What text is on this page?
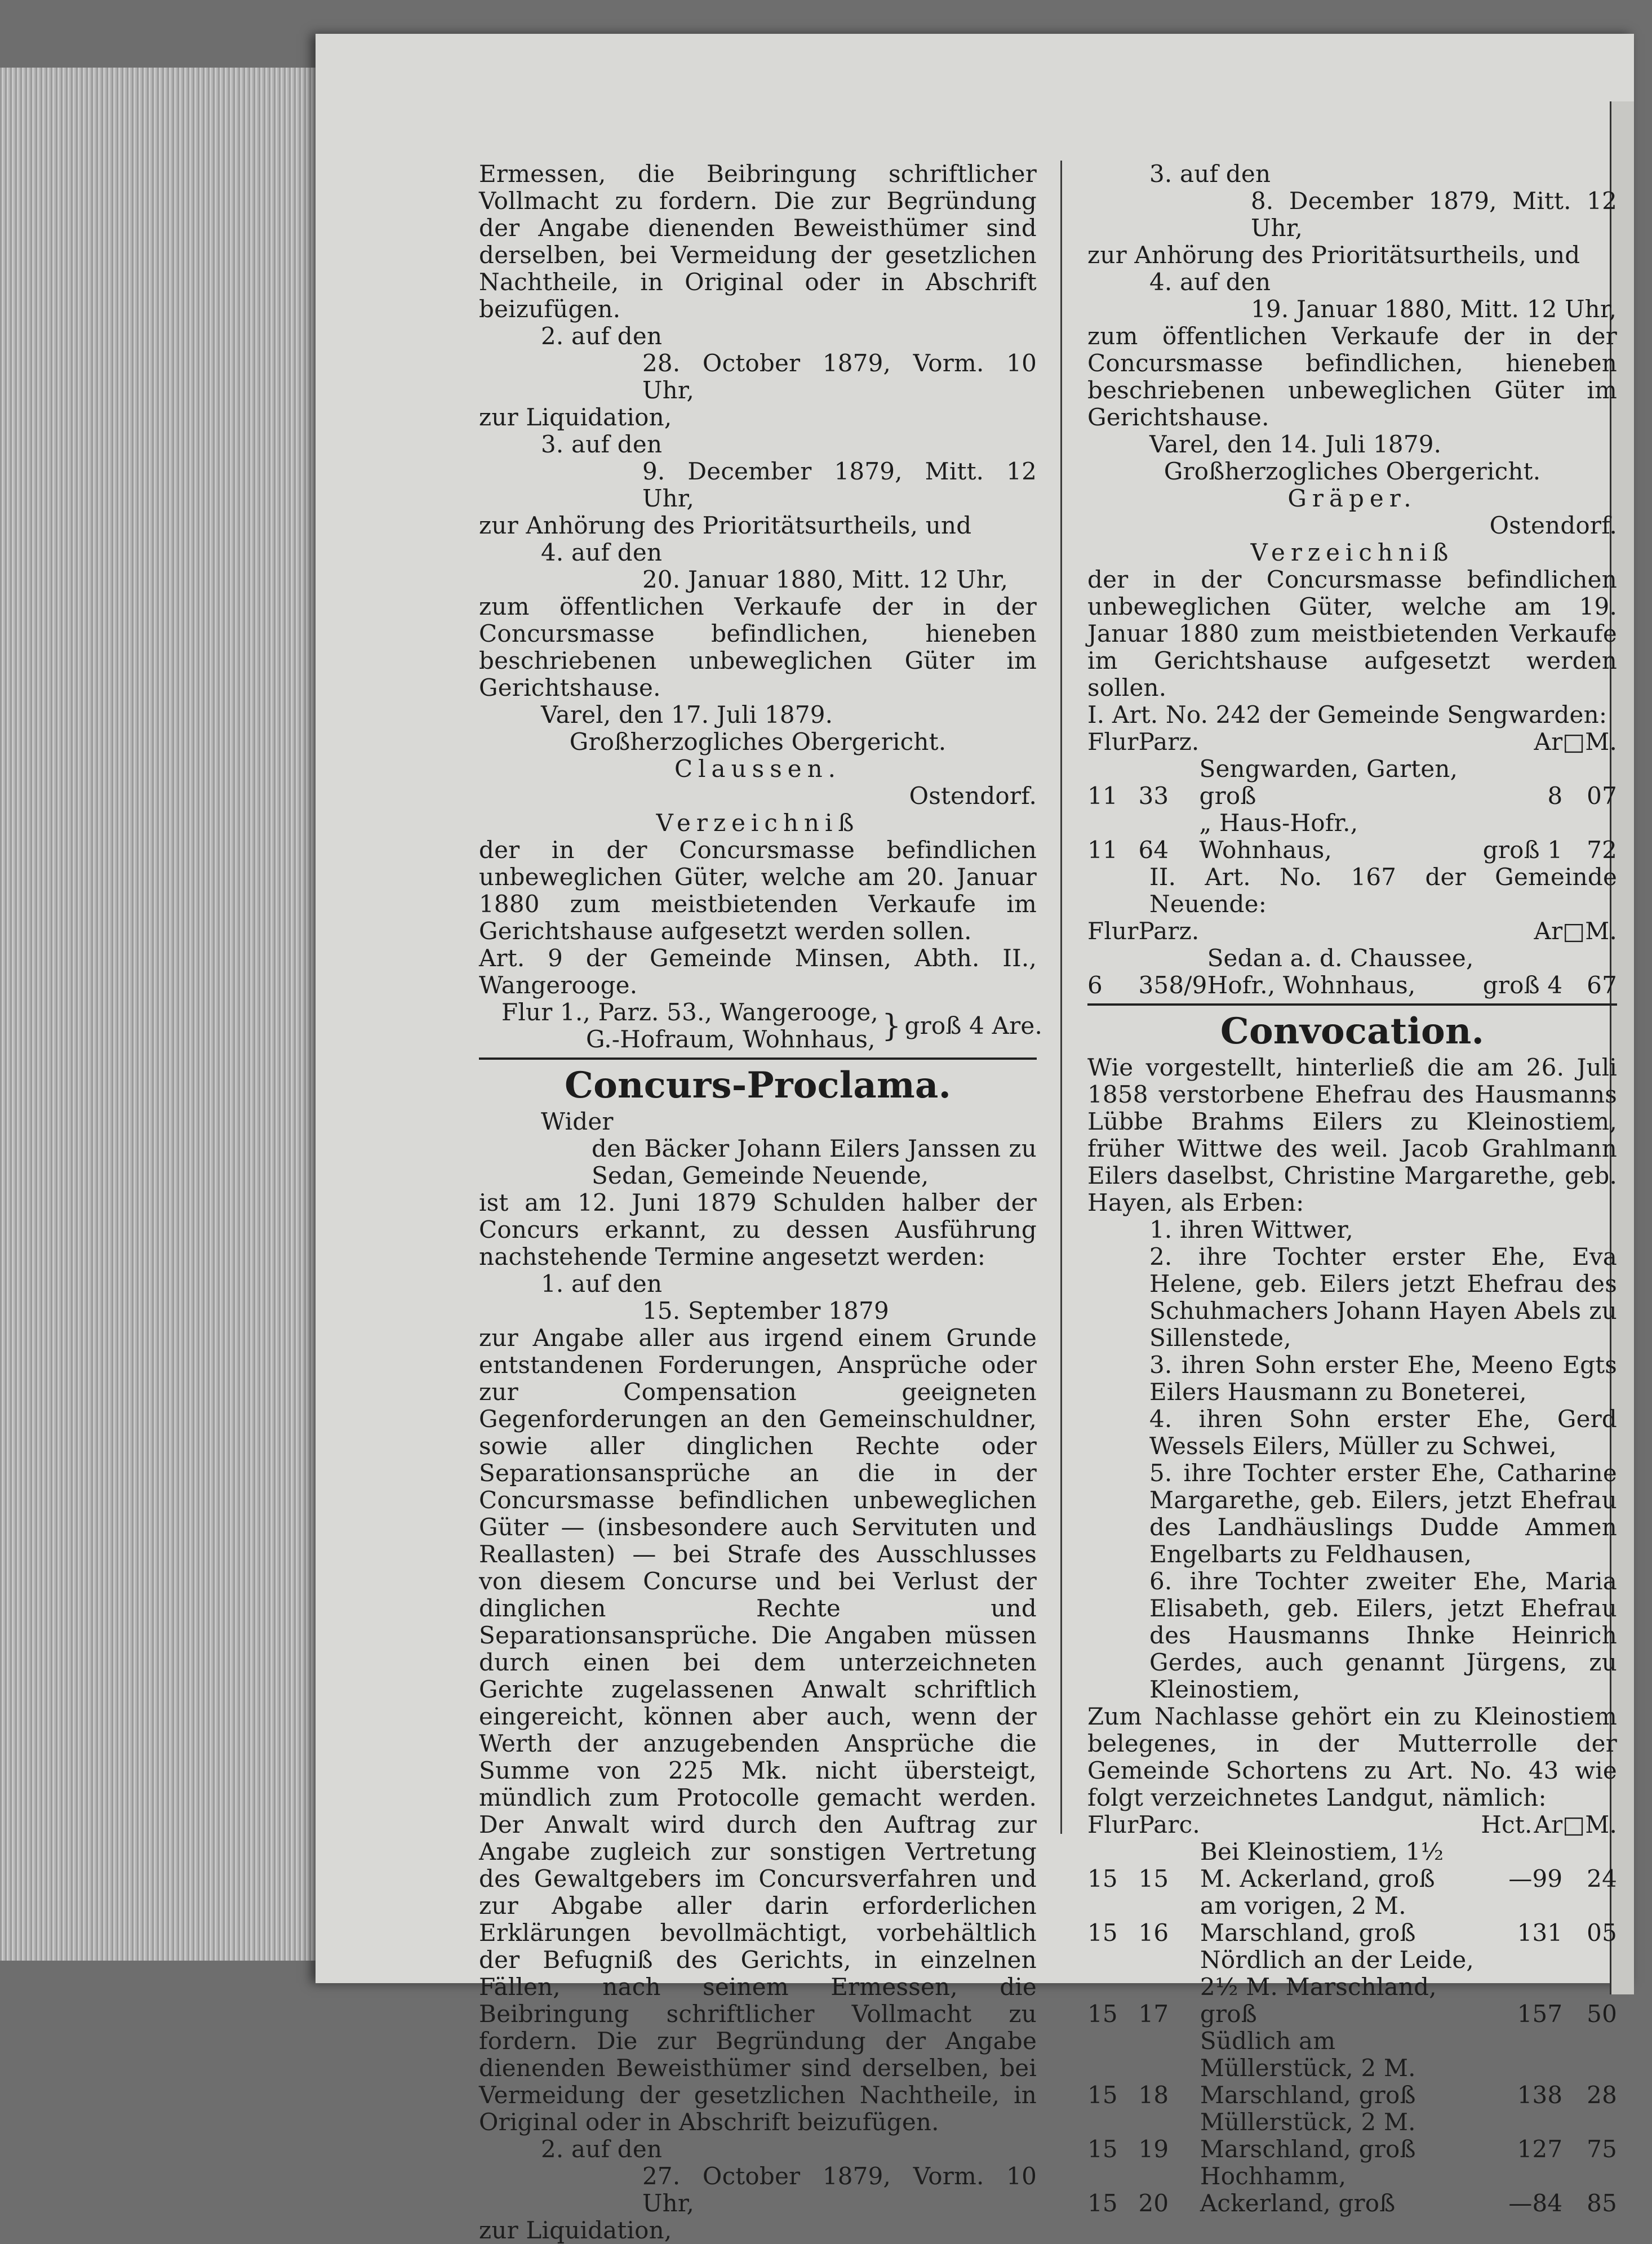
Ermessen, die Beibringung schriftlicher Vollmacht zu fordern. Die zur Begründung der Angabe dienenden Beweisthümer sind derselben, bei Vermeidung der gesetzlichen Nachtheile, in Original oder in Abschrift beizufügen.

2. auf den

28. October 1879, Vorm. 10 Uhr,

zur Liquidation,

3. auf den

9. December 1879, Mitt. 12 Uhr,

zur Anhörung des Prioritätsurtheils, und

4. auf den

20. Januar 1880, Mitt. 12 Uhr,

zum öffentlichen Verkaufe der in der Concursmasse befindlichen, hieneben beschriebenen unbeweglichen Güter im Gerichtshause.

Varel, den 17. Juli 1879.

Großherzogliches Obergericht.

Claussen.

Ostendorf.

Verzeichniß

der in der Concursmasse befindlichen unbeweglichen Güter, welche am 20. Januar 1880 zum meistbietenden Verkaufe im Gerichtshause aufgesetzt werden sollen.

Art. 9 der Gemeinde Minsen, Abth. II., Wangerooge.

Flur 1., Parz. 53., Wangerooge,
G.-Hofraum, Wohnhaus, } groß 4 Are.
Concurs-Proclama.

Wider

den Bäcker Johann Eilers Janssen zu Sedan, Gemeinde Neuende,

ist am 12. Juni 1879 Schulden halber der Concurs erkannt, zu dessen Ausführung nachstehende Termine angesetzt werden:

1. auf den

15. September 1879

zur Angabe aller aus irgend einem Grunde entstandenen Forderungen, Ansprüche oder zur Compensation geeigneten Gegenforderungen an den Gemeinschuldner, sowie aller dinglichen Rechte oder Separationsansprüche an die in der Concursmasse befindlichen unbeweglichen Güter — (insbesondere auch Servituten und Reallasten) — bei Strafe des Ausschlusses von diesem Concurse und bei Verlust der dinglichen Rechte und Separationsansprüche. Die Angaben müssen durch einen bei dem unterzeichneten Gerichte zugelassenen Anwalt schriftlich eingereicht, können aber auch, wenn der Werth der anzugebenden Ansprüche die Summe von 225 Mk. nicht übersteigt, mündlich zum Protocolle gemacht werden. Der Anwalt wird durch den Auftrag zur Angabe zugleich zur sonstigen Vertretung des Gewaltgebers im Concursverfahren und zur Abgabe aller darin erforderlichen Erklärungen bevollmächtigt, vorbehältlich der Befugniß des Gerichts, in einzelnen Fällen, nach seinem Ermessen, die Beibringung schriftlicher Vollmacht zu fordern. Die zur Begründung der Angabe dienenden Beweisthümer sind derselben, bei Vermeidung der gesetzlichen Nachtheile, in Original oder in Abschrift beizufügen.

2. auf den

27. October 1879, Vorm. 10 Uhr,

zur Liquidation,

3. auf den

8. December 1879, Mitt. 12 Uhr,

zur Anhörung des Prioritätsurtheils, und

4. auf den

19. Januar 1880, Mitt. 12 Uhr,

zum öffentlichen Verkaufe der in der Concursmasse befindlichen, hieneben beschriebenen unbeweglichen Güter im Gerichtshause.

Varel, den 14. Juli 1879.

Großherzogliches Obergericht.

Gräper.

Ostendorf.

Verzeichniß

der in der Concursmasse befindlichen unbeweglichen Güter, welche am 19. Januar 1880 zum meistbietenden Verkaufe im Gerichtshause aufgesetzt werden sollen.

I. Art. No. 242 der Gemeinde Sengwarden:

Flur	Parz.		Ar	□M.
11	33	Sengwarden, Garten, groß	8	07
11	64	„ Haus-Hofr., Wohnhaus,	groß 1	72

II. Art. No. 167 der Gemeinde Neuende:

Flur	Parz.		Ar	□M.
6	358/9	Sedan a. d. Chaussee, Hofr., Wohnhaus,	groß 4	67
Convocation.

Wie vorgestellt, hinterließ die am 26. Juli 1858 verstorbene Ehefrau des Hausmanns Lübbe Brahms Eilers zu Kleinostiem, früher Wittwe des weil. Jacob Grahlmann Eilers daselbst, Christine Margarethe, geb. Hayen, als Erben:

1. ihren Wittwer,

2. ihre Tochter erster Ehe, Eva Helene, geb. Eilers jetzt Ehefrau des Schuhmachers Johann Hayen Abels zu Sillenstede,

3. ihren Sohn erster Ehe, Meeno Egts Eilers Hausmann zu Boneterei,

4. ihren Sohn erster Ehe, Gerd Wessels Eilers, Müller zu Schwei,

5. ihre Tochter erster Ehe, Catharine Margarethe, geb. Eilers, jetzt Ehefrau des Landhäuslings Dudde Ammen Engelbarts zu Feldhausen,

6. ihre Tochter zweiter Ehe, Maria Elisabeth, geb. Eilers, jetzt Ehefrau des Hausmanns Ihnke Heinrich Gerdes, auch genannt Jürgens, zu Kleinostiem,

Zum Nachlasse gehört ein zu Kleinostiem belegenes, in der Mutterrolle der Gemeinde Schortens zu Art. No. 43 wie folgt verzeichnetes Landgut, nämlich:

Flur	Parc.		Hct.	Ar	□M.
15	15	Bei Kleinostiem, 1½ M. Ackerland, groß	—	99	24
15	16	am vorigen, 2 M. Marschland, groß	1	31	05
15	17	Nördlich an der Leide, 2½ M. Marschland, groß	1	57	50
15	18	Südlich am Müllerstück, 2 M. Marschland, groß	1	38	28
15	19	Müllerstück, 2 M. Marschland, groß	1	27	75
15	20	Hochhamm, Ackerland, groß	—	84	85
